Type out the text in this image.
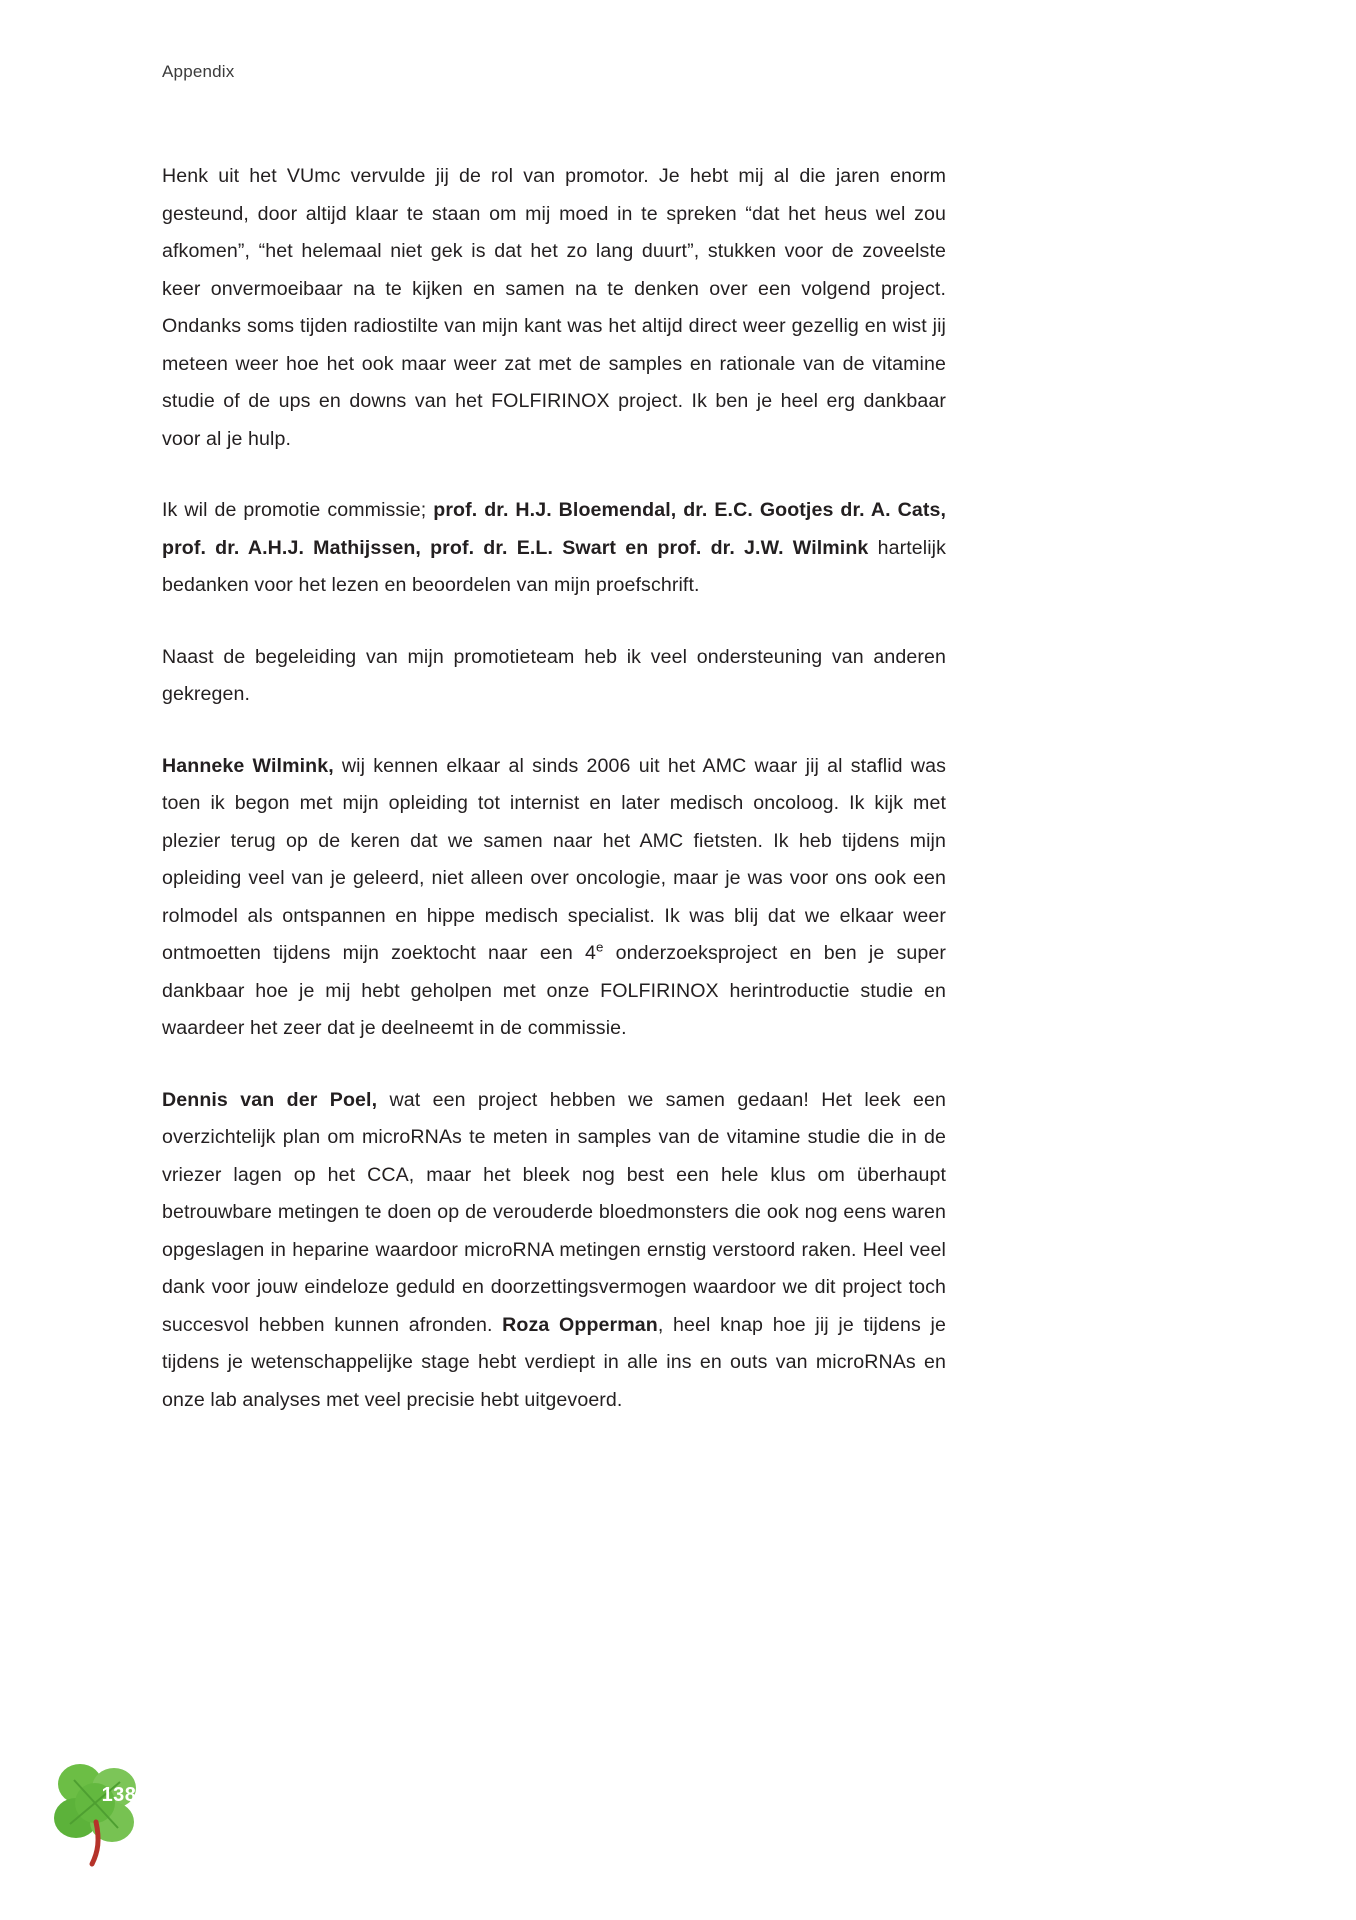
Appendix

Henk uit het VUmc vervulde jij de rol van promotor. Je hebt mij al die jaren enorm gesteund, door altijd klaar te staan om mij moed in te spreken “dat het heus wel zou afkomen”, “het helemaal niet gek is dat het zo lang duurt”, stukken voor de zoveelste keer onvermoeibaar na te kijken en samen na te denken over een volgend project. Ondanks soms tijden radiostilte van mijn kant was het altijd direct weer gezellig en wist jij meteen weer hoe het ook maar weer zat met de samples en rationale van de vitamine studie of de ups en downs van het FOLFIRINOX project. Ik ben je heel erg dankbaar voor al je hulp.

Ik wil de promotie commissie; prof. dr. H.J. Bloemendal, dr. E.C. Gootjes dr. A. Cats, prof. dr. A.H.J. Mathijssen, prof. dr. E.L. Swart en prof. dr. J.W. Wilmink hartelijk bedanken voor het lezen en beoordelen van mijn proefschrift.

Naast de begeleiding van mijn promotieteam heb ik veel ondersteuning van anderen gekregen.

Hanneke Wilmink, wij kennen elkaar al sinds 2006 uit het AMC waar jij al staflid was toen ik begon met mijn opleiding tot internist en later medisch oncoloog. Ik kijk met plezier terug op de keren dat we samen naar het AMC fietsten. Ik heb tijdens mijn opleiding veel van je geleerd, niet alleen over oncologie, maar je was voor ons ook een rolmodel als ontspannen en hippe medisch specialist. Ik was blij dat we elkaar weer ontmoetten tijdens mijn zoektocht naar een 4e onderzoeksproject en ben je super dankbaar hoe je mij hebt geholpen met onze FOLFIRINOX herintroductie studie en waardeer het zeer dat je deelneemt in de commissie.

Dennis van der Poel, wat een project hebben we samen gedaan! Het leek een overzichtelijk plan om microRNAs te meten in samples van de vitamine studie die in de vriezer lagen op het CCA, maar het bleek nog best een hele klus om überhaupt betrouwbare metingen te doen op de verouderde bloedmonsters die ook nog eens waren opgeslagen in heparine waardoor microRNA metingen ernstig verstoord raken. Heel veel dank voor jouw eindeloze geduld en doorzettingsvermogen waardoor we dit project toch succesvol hebben kunnen afronden. Roza Opperman, heel knap hoe jij je tijdens je tijdens je wetenschappelijke stage hebt verdiept in alle ins en outs van microRNAs en onze lab analyses met veel precisie hebt uitgevoerd.

138
